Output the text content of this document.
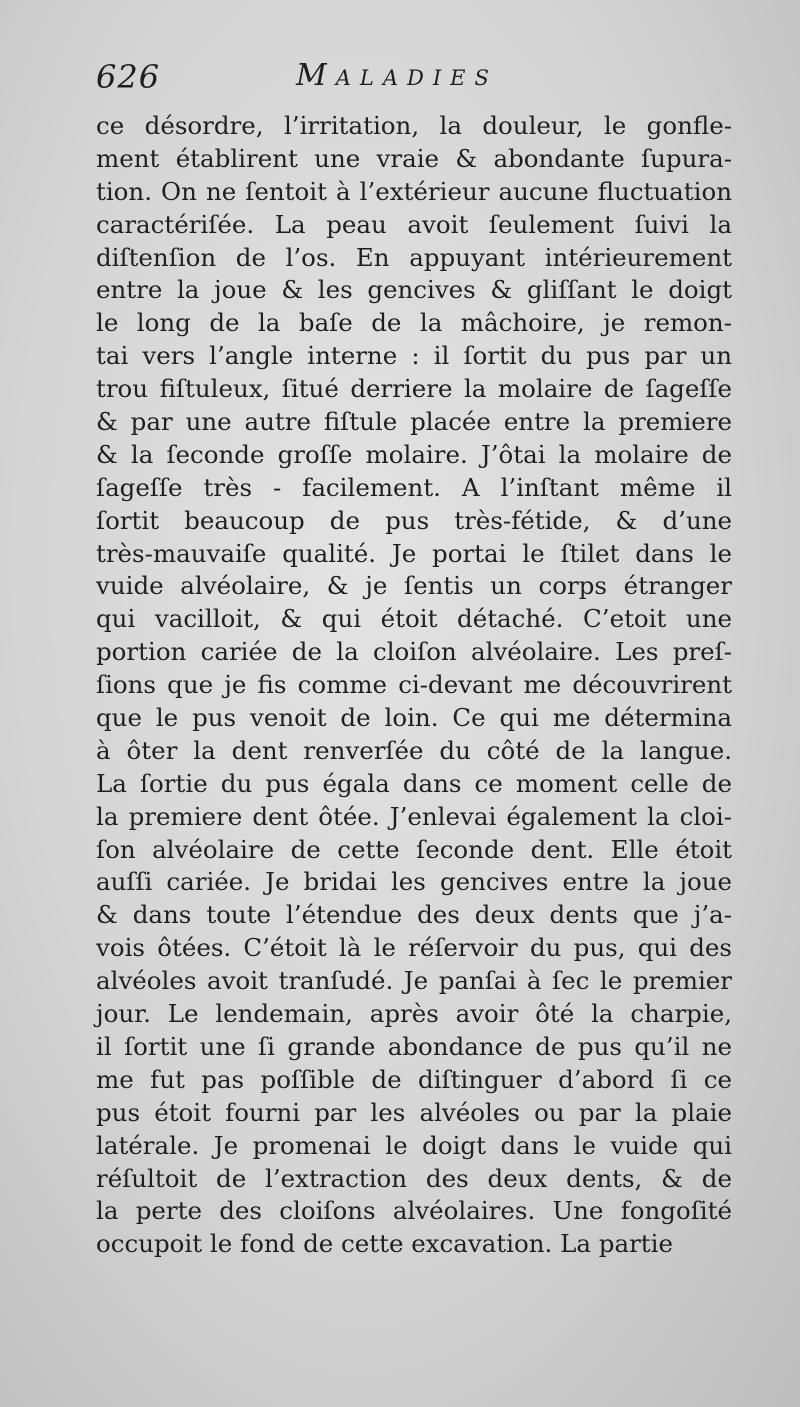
626	Maladies
ce désordre, l’irritation, la douleur, le gonfle-
ment établirent une vraie & abondante ſupura-
tion. On ne ſentoit à l’extérieur aucune fluctuation
caractériſée. La peau avoit ſeulement ſuivi la
diſtenſion de l’os. En appuyant intérieurement
entre la joue & les gencives & gliſſant le doigt
le long de la baſe de la mâchoire, je remon-
tai vers l’angle interne : il ſortit du pus par un
trou fiſtuleux, ſitué derriere la molaire de ſageſſe
& par une autre fiſtule placée entre la premiere
& la ſeconde groſſe molaire. J’ôtai la molaire de
ſageſſe très - facilement. A l’inſtant même il
ſortit beaucoup de pus très-fétide, & d’une
très-mauvaiſe qualité. Je portai le ſtilet dans le
vuide alvéolaire, & je ſentis un corps étranger
qui vacilloit, & qui étoit détaché. C’etoit une
portion cariée de la cloiſon alvéolaire. Les preſ-
ſions que je fis comme ci-devant me découvrirent
que le pus venoit de loin. Ce qui me détermina
à ôter la dent renverſée du côté de la langue.
La ſortie du pus égala dans ce moment celle de
la premiere dent ôtée. J’enlevai également la cloi-
ſon alvéolaire de cette ſeconde dent. Elle étoit
auſſi cariée. Je bridai les gencives entre la joue
& dans toute l’étendue des deux dents que j’a-
vois ôtées. C’étoit là le réſervoir du pus, qui des
alvéoles avoit tranſudé. Je panſai à ſec le premier
jour. Le lendemain, après avoir ôté la charpie,
il ſortit une ſi grande abondance de pus qu’il ne
me fut pas poſſible de diſtinguer d’abord ſi ce
pus étoit fourni par les alvéoles ou par la plaie
latérale. Je promenai le doigt dans le vuide qui
réſultoit de l’extraction des deux dents, & de
la perte des cloiſons alvéolaires. Une fongoſité
occupoit le fond de cette excavation. La partie
